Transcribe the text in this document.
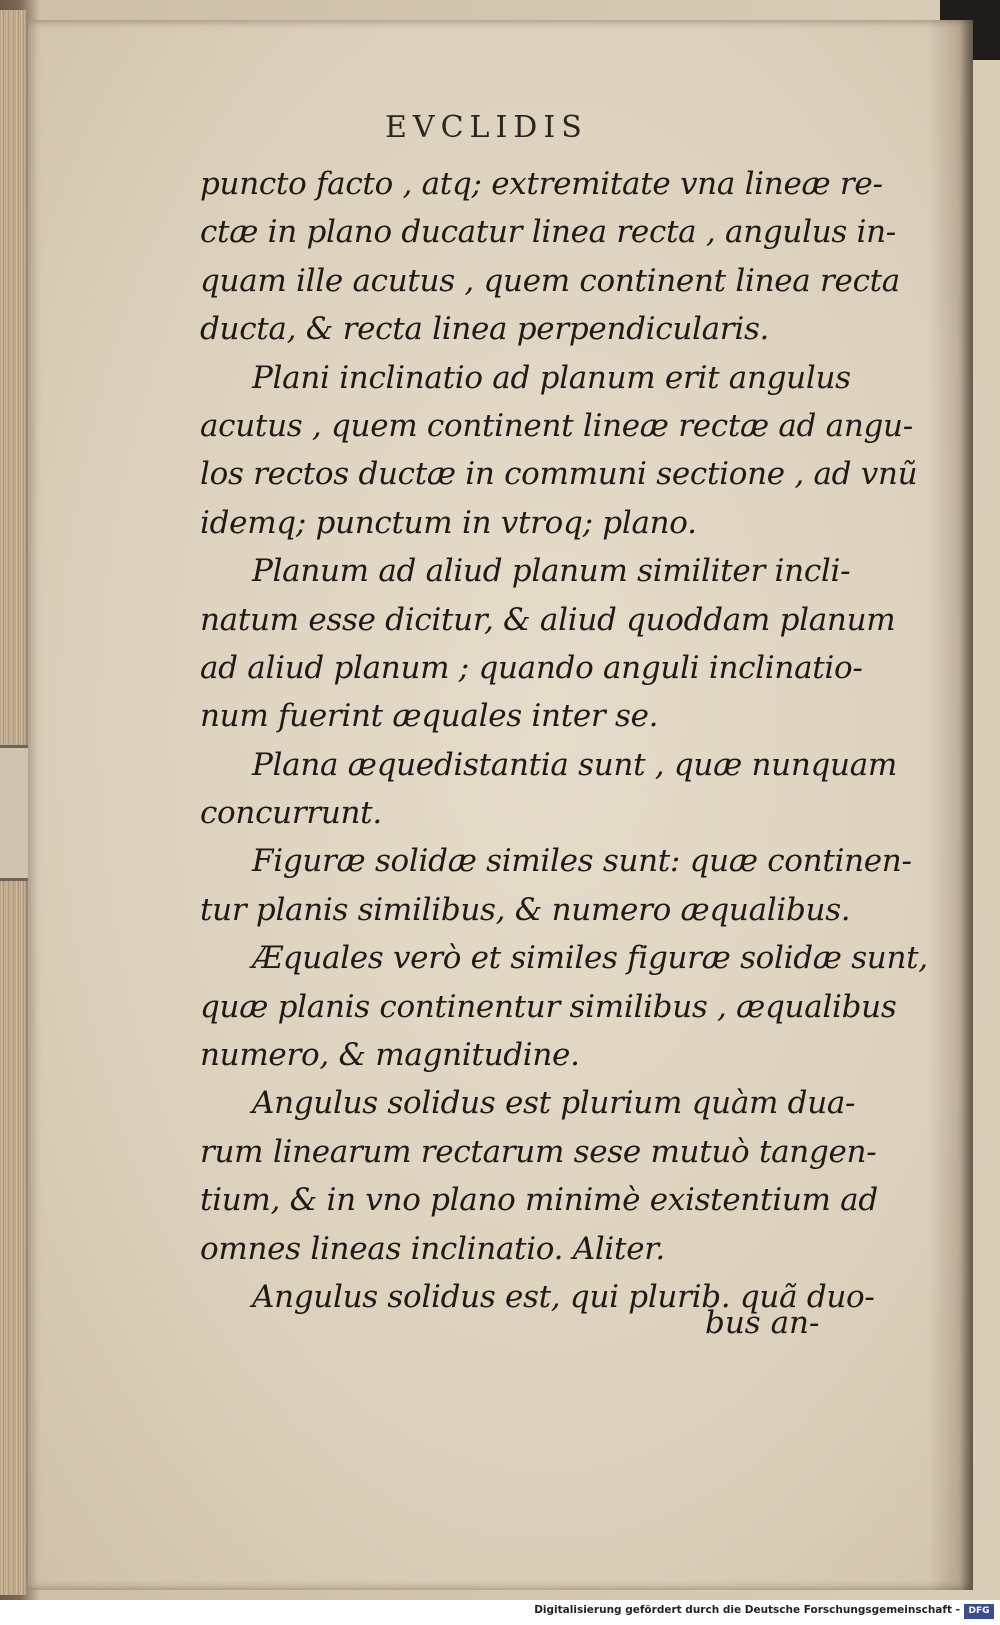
EVCLIDIS
puncto facto , atq; extremitate vna lineæ re-
ctæ in plano ducatur linea recta , angulus in-
quam ille acutus , quem continent linea recta
ducta, & recta linea perpendicularis.
Plani inclinatio ad planum erit angulus
acutus , quem continent lineæ rectæ ad angu-
los rectos ductæ in communi sectione , ad vnũ
idemq; punctum in vtroq; plano.
Planum ad aliud planum similiter incli-
natum esse dicitur, & aliud quoddam planum
ad aliud planum ; quando anguli inclinatio-
num fuerint æquales inter se.
Plana æquedistantia sunt , quæ nunquam
concurrunt.
Figuræ solidæ similes sunt: quæ continen-
tur planis similibus, & numero æqualibus.
Æquales verò et similes figuræ solidæ sunt,
quæ planis continentur similibus , æqualibus
numero, & magnitudine.
Angulus solidus est plurium quàm dua-
rum linearum rectarum sese mutuò tangen-
tium, & in vno plano minimè existentium ad
omnes lineas inclinatio. Aliter.
Angulus solidus est, qui plurib. quã duo-
bus an-
Digitalisierung gefördert durch die Deutsche Forschungsgemeinschaft - DFG
